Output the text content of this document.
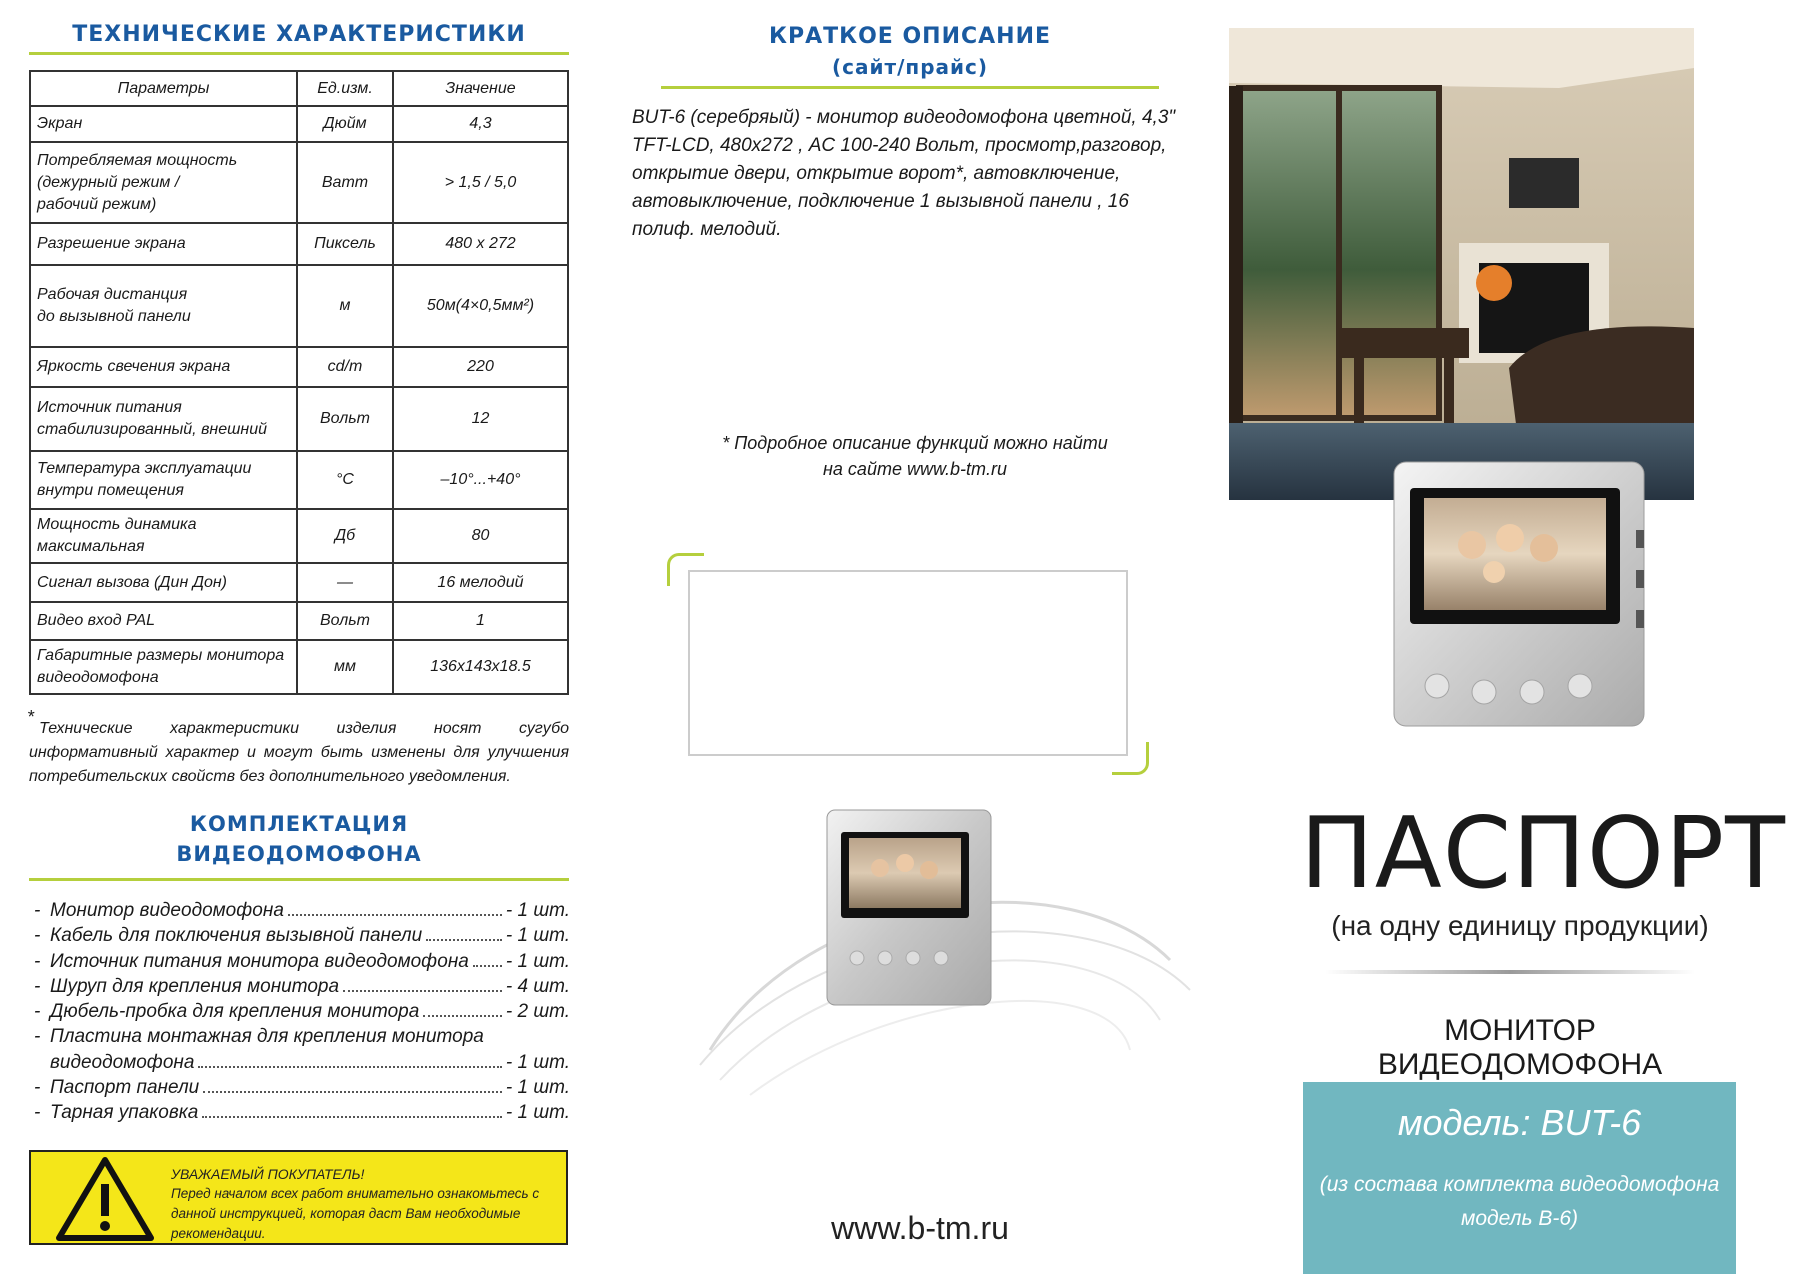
ТЕХНИЧЕСКИЕ ХАРАКТЕРИСТИКИ
Параметры	Ед.изм.	Значение
Экран	Дюйм	4,3
Потребляемая мощность
(дежурный режим /
рабочий режим)	Ватт	> 1,5 / 5,0
Разрешение экрана	Пиксель	480 х 272
Рабочая дистанция
до вызывной панели	м	50м(4×0,5мм²)
Яркость свечения экрана	cd/m	220
Источник питания
стабилизированный, внешний	Вольт	12
Температура эксплуатации
внутри помещения	°С	–10°...+40°
Мощность динамика
максимальная	Дб	80
Сигнал вызова (Дин Дон)	—	16 мелодий
Видео вход PAL	Вольт	1
Габаритные размеры монитора
видеодомофона	мм	136х143х18.5
*
Технические характеристики изделия носят сугубо информативный характер и могут быть изменены для улучшения потребительских свойств без дополнительного уведомления.
КОМПЛЕКТАЦИЯ
ВИДЕОДОМОФОНА
- Монитор видеодомофона	- 1 шт.
- Кабель для поключения вызывной панели	- 1 шт.
- Источник питания монитора видеодомофона - 1 шт.
- Шуруп для крепления монитора	- 4 шт.
- Дюбель-пробка для крепления монитора	- 2 шт.
- Пластина монтажная для крепления монитора
видеодомофона	- 1 шт.
- Паспорт панели	- 1 шт.
- Тарная упаковка	- 1 шт.
УВАЖАЕМЫЙ ПОКУПАТЕЛЬ!
Перед началом всех работ внимательно ознакомьтесь с данной инструкцией, которая даст Вам необходимые рекомендации.
КРАТКОЕ ОПИСАНИЕ
(сайт/прайс)
BUT-6 (серебряый) - монитор видеодомофона цветной, 4,3" TFT-LCD, 480х272 , AC 100-240 Вольт, просмотр,разговор, открытие двери, открытие ворот*, автовключение, автовыключение, подключение 1 вызывной панели , 16 полиф. мелодий.
* Подробное описание функций можно найти
на сайте www.b-tm.ru
www.b-tm.ru
ПАСПОРТ
(на одну единицу продукции)
МОНИТОР ВИДЕОДОМОФОНА
модель: BUT-6
(из состава комплекта видеодомофона
модель B-6)
